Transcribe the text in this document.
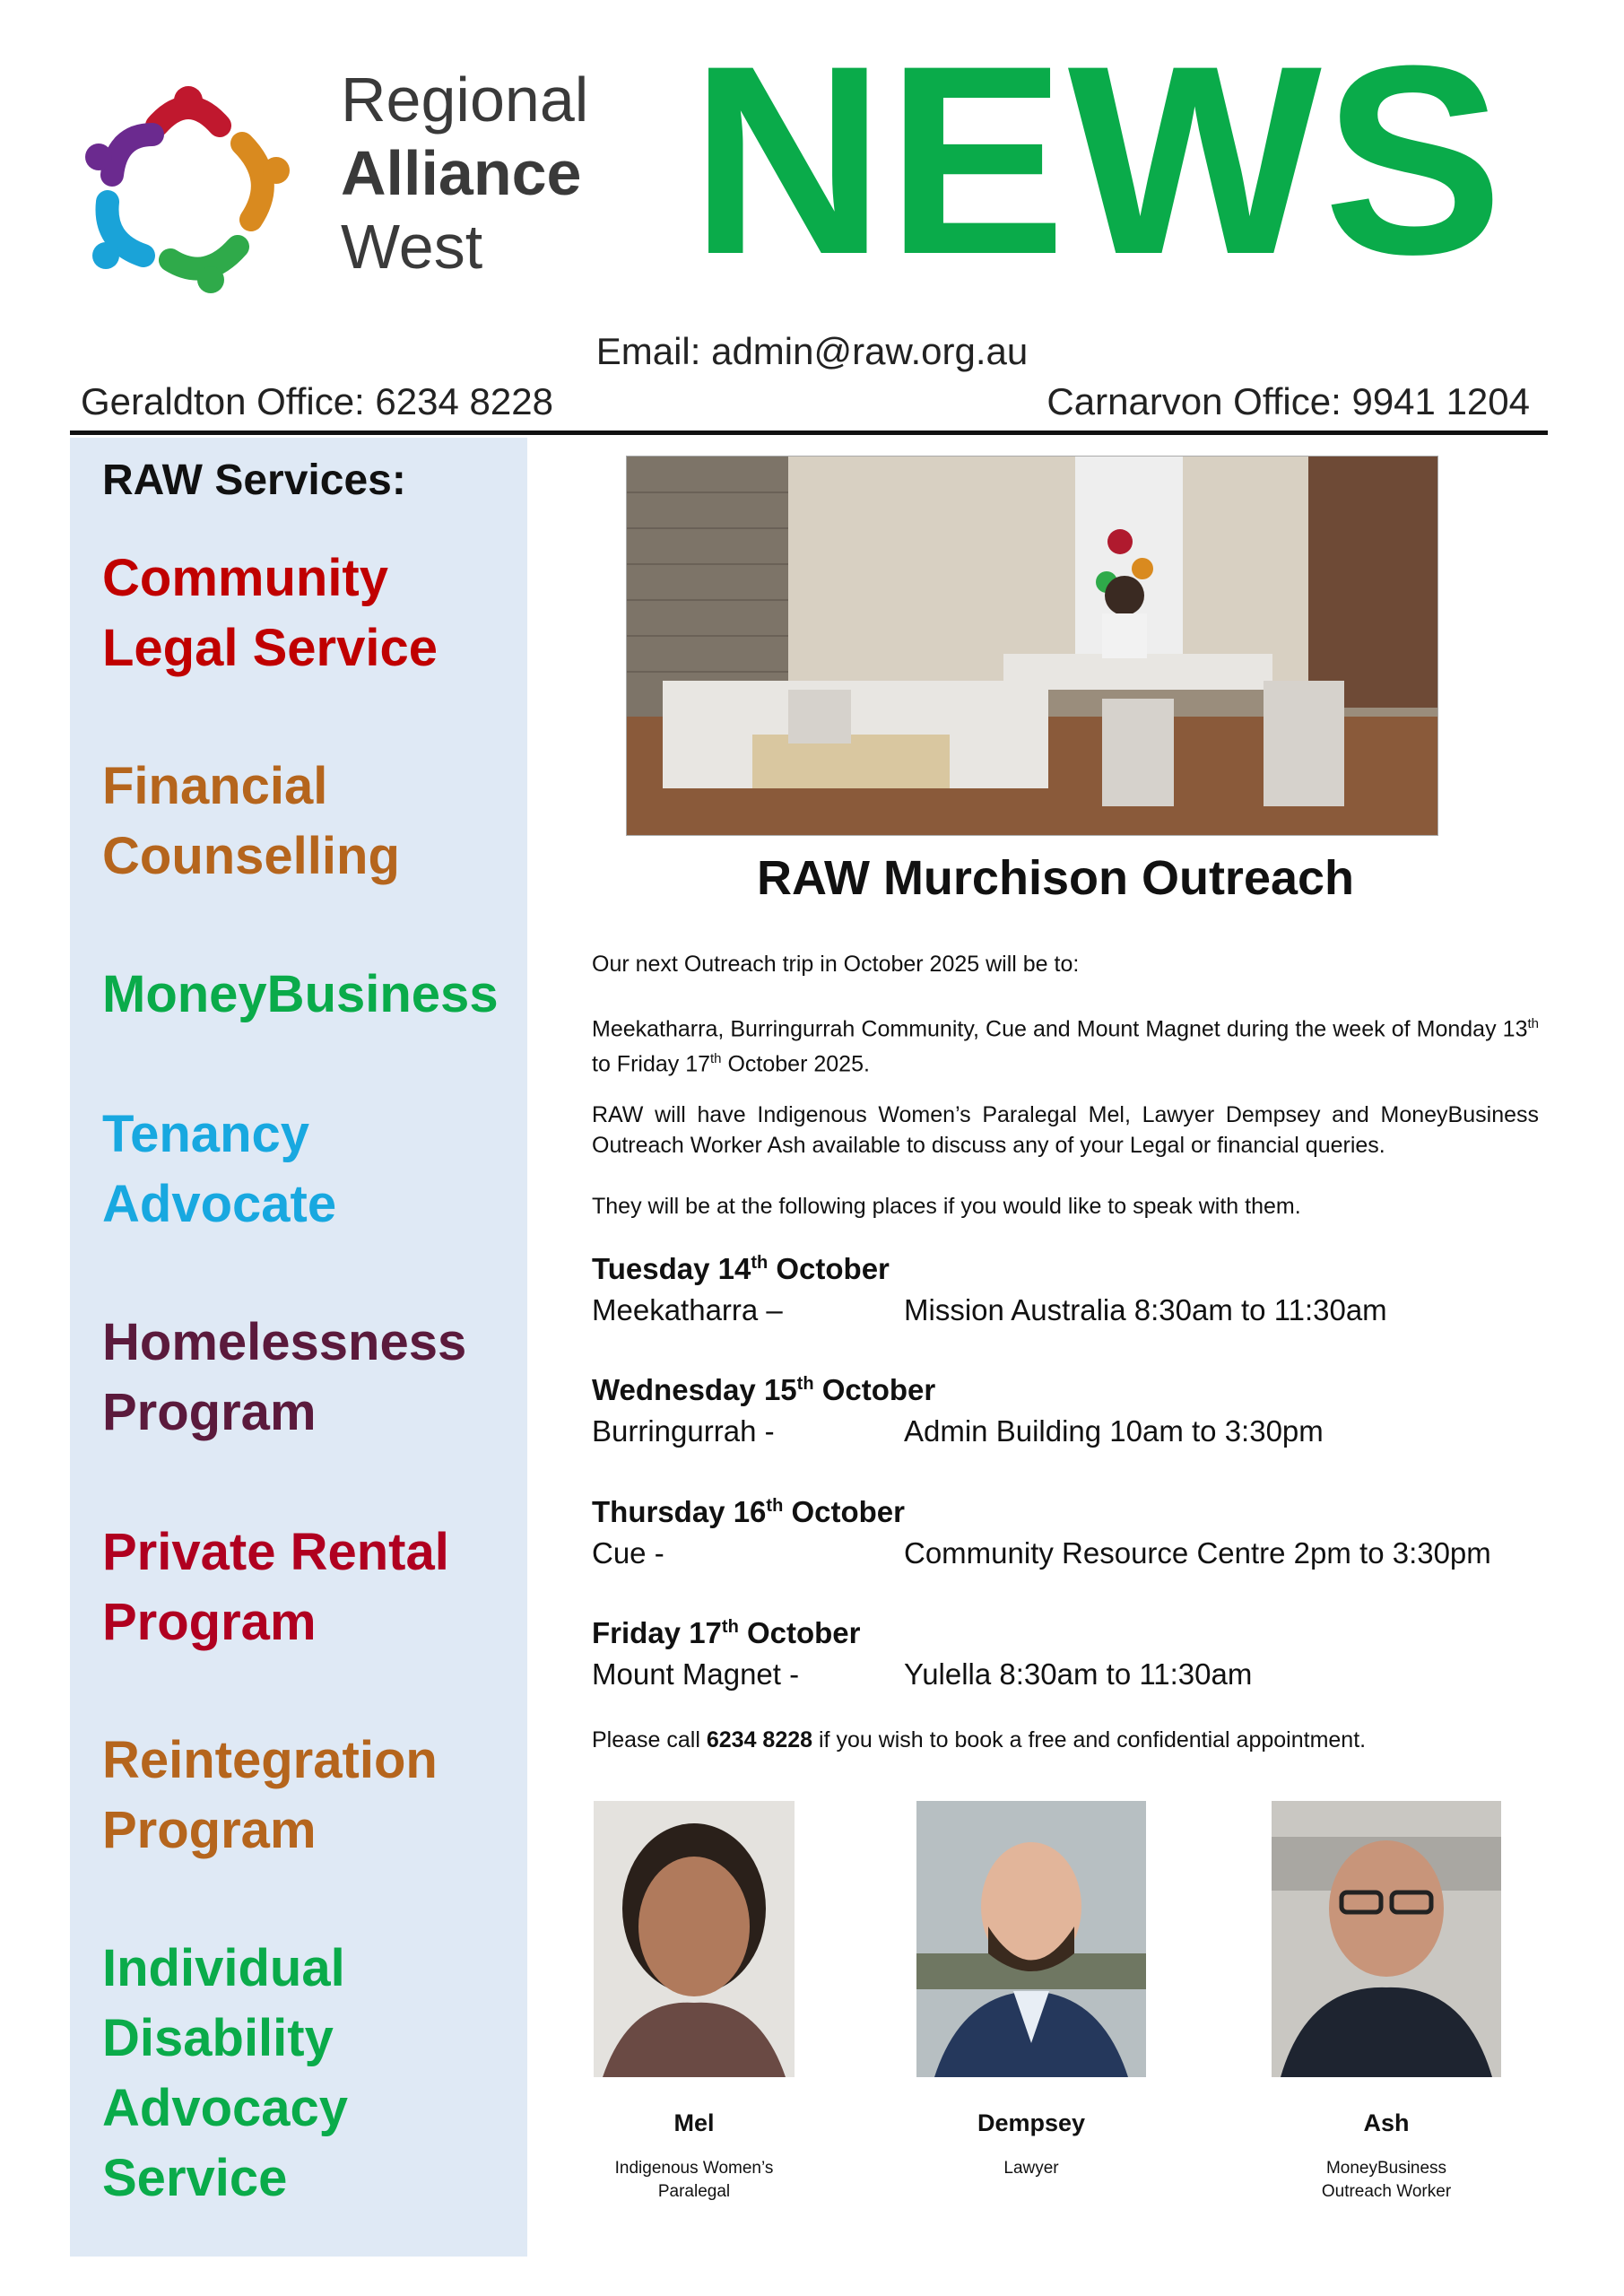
Regional
Alliance
West NEWS
Email: admin@raw.org.au
Geraldton Office: 6234 8228	Carnarvon Office: 9941 1204
RAW Services:
Community
Legal Service
Financial
Counselling
MoneyBusiness
Tenancy
Advocate
Homelessness
Program
Private Rental
Program
Reintegration
Program
Individual
Disability
Advocacy
Service
RAW Murchison Outreach
Our next Outreach trip in October 2025 will be to:
Meekatharra, Burringurrah Community, Cue and Mount Magnet during the week of Monday 13th to Friday 17th October 2025.
RAW will have Indigenous Women’s Paralegal Mel, Lawyer Dempsey and MoneyBusiness Outreach Worker Ash available to discuss any of your Legal or financial queries.
They will be at the following places if you would like to speak with them.
Tuesday 14th October
Meekatharra –	Mission Australia 8:30am to 11:30am
Wednesday 15th October
Burringurrah -	Admin Building 10am to 3:30pm
Thursday 16th October
Cue -	Community Resource Centre 2pm to 3:30pm
Friday 17th October
Mount Magnet -	Yulella 8:30am to 11:30am
Please call 6234 8228 if you wish to book a free and confidential appointment.
Mel
Indigenous Women’s
Paralegal
Dempsey
Lawyer
Ash
MoneyBusiness
Outreach Worker
